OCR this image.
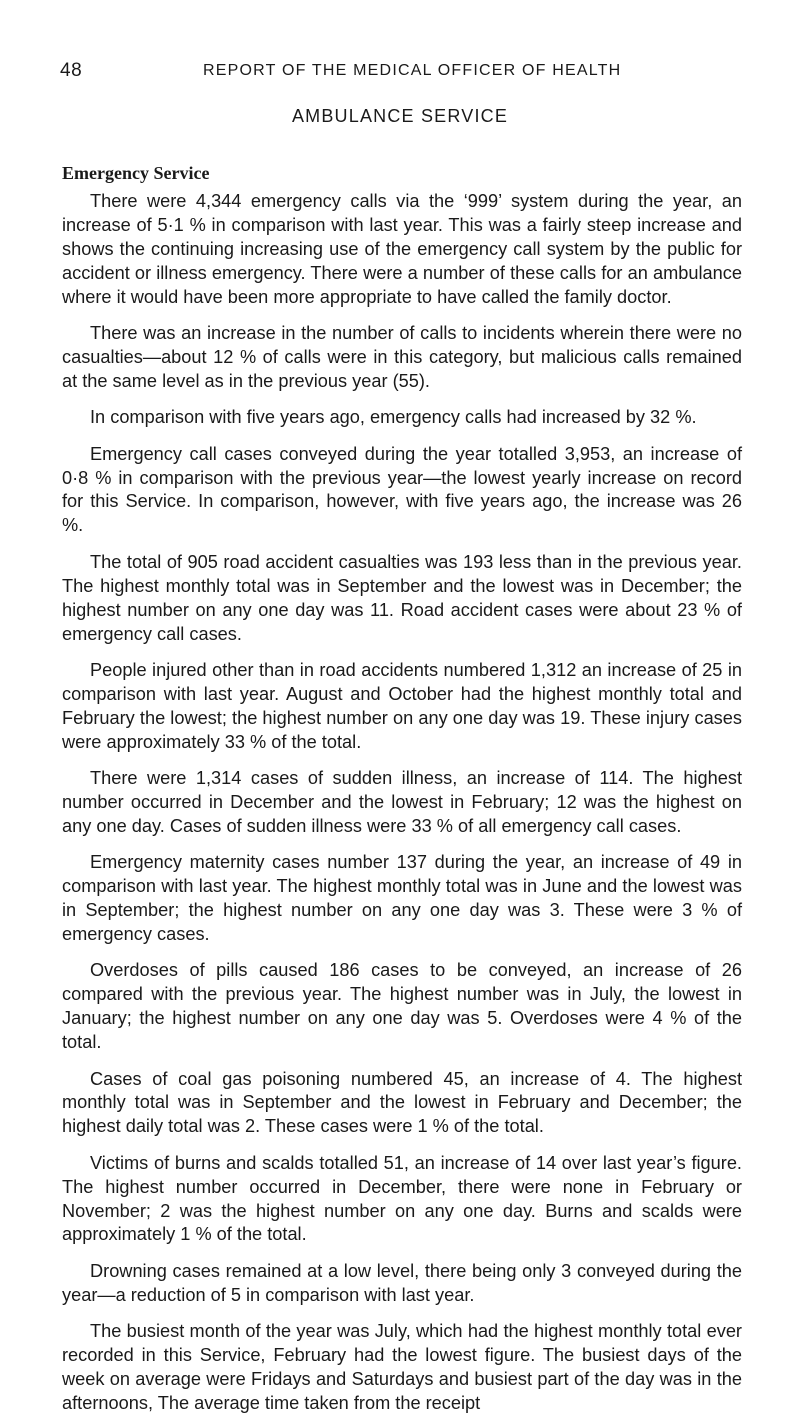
48	REPORT OF THE MEDICAL OFFICER OF HEALTH
AMBULANCE SERVICE
Emergency Service

There were 4,344 emergency calls via the ‘999’ system during the year, an increase of 5·1 % in comparison with last year. This was a fairly steep increase and shows the continuing increasing use of the emergency call system by the public for accident or illness emergency. There were a number of these calls for an ambulance where it would have been more appropriate to have called the family doctor.

There was an increase in the number of calls to incidents wherein there were no casualties—about 12 % of calls were in this category, but malicious calls remained at the same level as in the previous year (55).

In comparison with five years ago, emergency calls had increased by 32 %.

Emergency call cases conveyed during the year totalled 3,953, an increase of 0·8 % in comparison with the previous year—the lowest yearly increase on record for this Service. In comparison, however, with five years ago, the increase was 26 %.

The total of 905 road accident casualties was 193 less than in the previous year. The highest monthly total was in September and the lowest was in December; the highest number on any one day was 11. Road accident cases were about 23 % of emergency call cases.

People injured other than in road accidents numbered 1,312 an increase of 25 in comparison with last year. August and October had the highest monthly total and February the lowest; the highest number on any one day was 19. These injury cases were approximately 33 % of the total.

There were 1,314 cases of sudden illness, an increase of 114. The highest number occurred in December and the lowest in February; 12 was the highest on any one day. Cases of sudden illness were 33 % of all emergency call cases.

Emergency maternity cases number 137 during the year, an increase of 49 in comparison with last year. The highest monthly total was in June and the lowest was in September; the highest number on any one day was 3. These were 3 % of emergency cases.

Overdoses of pills caused 186 cases to be conveyed, an increase of 26 compared with the previous year. The highest number was in July, the lowest in January; the highest number on any one day was 5. Overdoses were 4 % of the total.

Cases of coal gas poisoning numbered 45, an increase of 4. The highest monthly total was in September and the lowest in February and December; the highest daily total was 2. These cases were 1 % of the total.

Victims of burns and scalds totalled 51, an increase of 14 over last year’s figure. The highest number occurred in December, there were none in February or November; 2 was the highest number on any one day. Burns and scalds were approximately 1 % of the total.

Drowning cases remained at a low level, there being only 3 conveyed during the year—a reduction of 5 in comparison with last year.

The busiest month of the year was July, which had the highest monthly total ever recorded in this Service, February had the lowest figure. The busiest days of the week on average were Fridays and Saturdays and busiest part of the day was in the afternoons, The average time taken from the receipt
